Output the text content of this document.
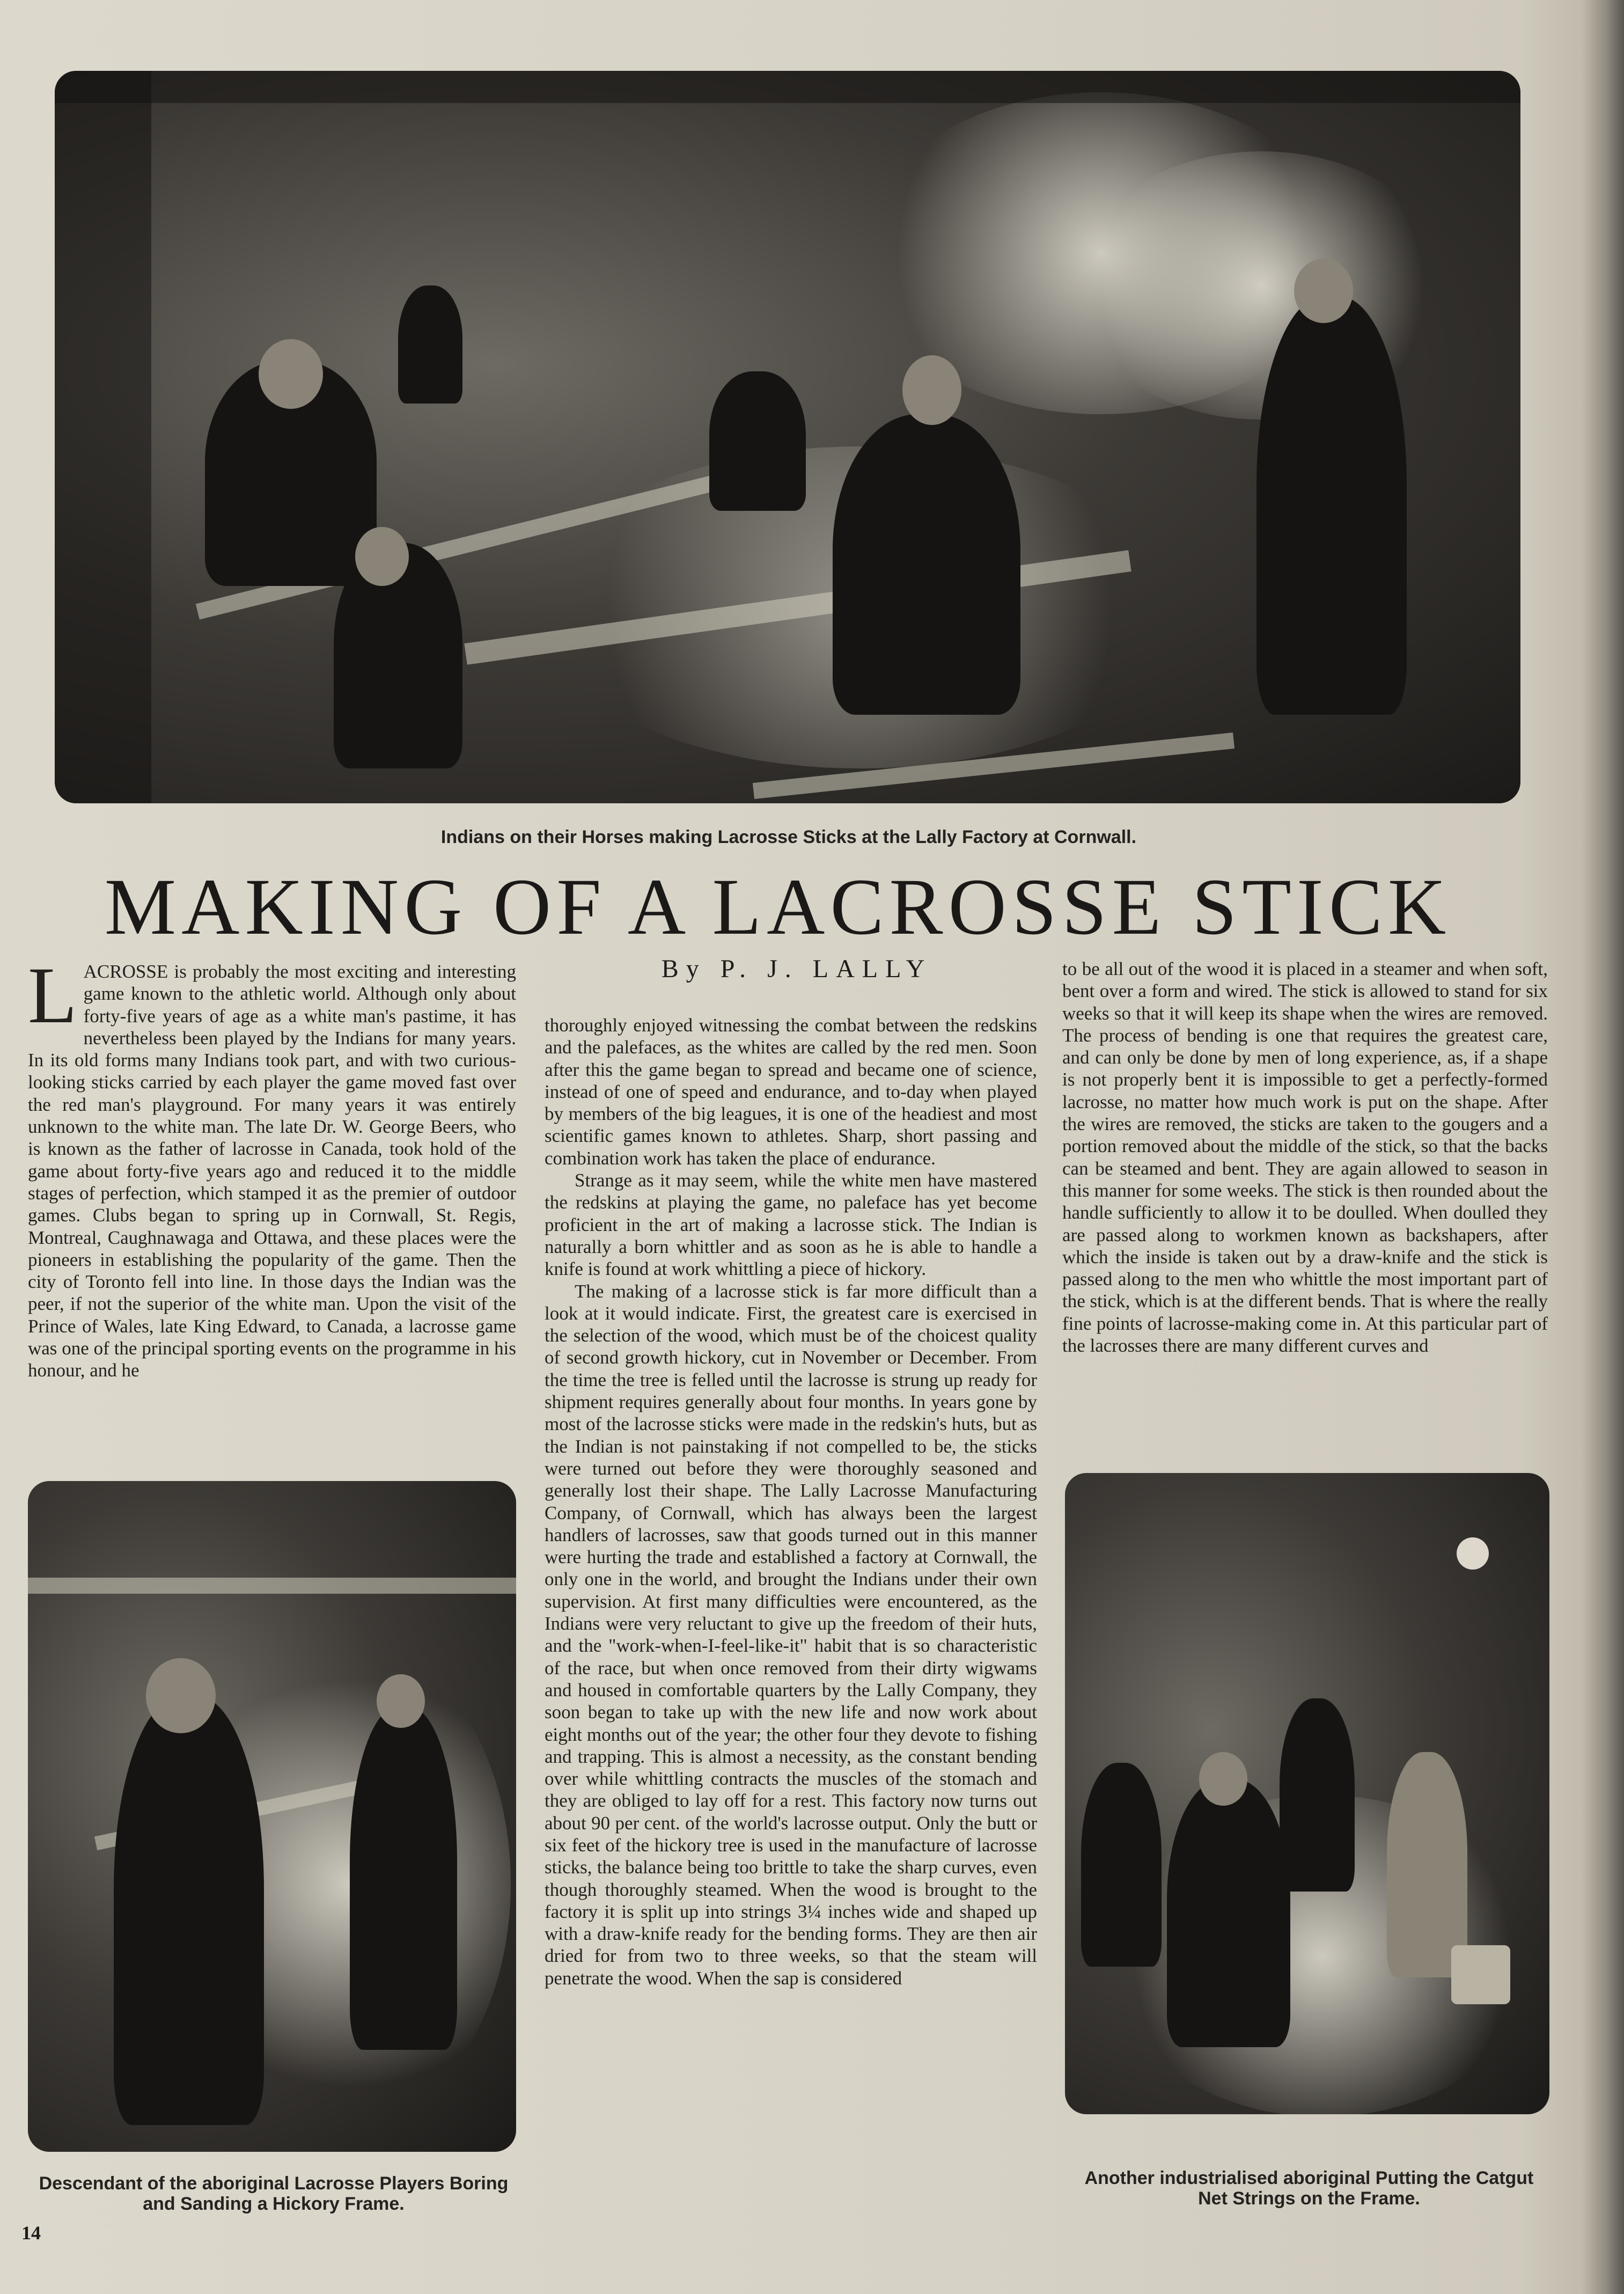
Indians on their Horses making Lacrosse Sticks at the Lally Factory at Cornwall.
MAKING OF A LACROSSE STICK
By P. J. LALLY

LACROSSE is probably the most exciting and interesting game known to the athletic world. Although only about forty-five years of age as a white man's pastime, it has nevertheless been played by the Indians for many years. In its old forms many Indians took part, and with two curious-looking sticks carried by each player the game moved fast over the red man's playground. For many years it was entirely unknown to the white man. The late Dr. W. George Beers, who is known as the father of lacrosse in Canada, took hold of the game about forty-five years ago and reduced it to the middle stages of perfection, which stamped it as the premier of outdoor games. Clubs began to spring up in Cornwall, St. Regis, Montreal, Caughnawaga and Ottawa, and these places were the pioneers in establishing the popularity of the game. Then the city of Toronto fell into line. In those days the Indian was the peer, if not the superior of the white man. Upon the visit of the Prince of Wales, late King Edward, to Canada, a lacrosse game was one of the principal sporting events on the programme in his honour, and he

thoroughly enjoyed witnessing the combat between the redskins and the palefaces, as the whites are called by the red men. Soon after this the game began to spread and became one of science, instead of one of speed and endurance, and to-day when played by members of the big leagues, it is one of the headiest and most scientific games known to athletes. Sharp, short passing and combination work has taken the place of endurance.

Strange as it may seem, while the white men have mastered the redskins at playing the game, no paleface has yet become proficient in the art of making a lacrosse stick. The Indian is naturally a born whittler and as soon as he is able to handle a knife is found at work whittling a piece of hickory.

The making of a lacrosse stick is far more difficult than a look at it would indicate. First, the greatest care is exercised in the selection of the wood, which must be of the choicest quality of second growth hickory, cut in November or December. From the time the tree is felled until the lacrosse is strung up ready for shipment requires generally about four months. In years gone by most of the lacrosse sticks were made in the redskin's huts, but as the Indian is not painstaking if not compelled to be, the sticks were turned out before they were thoroughly seasoned and generally lost their shape. The Lally Lacrosse Manufacturing Company, of Cornwall, which has always been the largest handlers of lacrosses, saw that goods turned out in this manner were hurting the trade and established a factory at Cornwall, the only one in the world, and brought the Indians under their own supervision. At first many difficulties were encountered, as the Indians were very reluctant to give up the freedom of their huts, and the "work-when-I-feel-like-it" habit that is so characteristic of the race, but when once removed from their dirty wigwams and housed in comfortable quarters by the Lally Company, they soon began to take up with the new life and now work about eight months out of the year; the other four they devote to fishing and trapping. This is almost a necessity, as the constant bending over while whittling contracts the muscles of the stomach and they are obliged to lay off for a rest. This factory now turns out about 90 per cent. of the world's lacrosse output. Only the butt or six feet of the hickory tree is used in the manufacture of lacrosse sticks, the balance being too brittle to take the sharp curves, even though thoroughly steamed. When the wood is brought to the factory it is split up into strings 3¼ inches wide and shaped up with a draw-knife ready for the bending forms. They are then air dried for from two to three weeks, so that the steam will penetrate the wood. When the sap is considered

to be all out of the wood it is placed in a steamer and when soft, bent over a form and wired. The stick is allowed to stand for six weeks so that it will keep its shape when the wires are removed. The process of bending is one that requires the greatest care, and can only be done by men of long experience, as, if a shape is not properly bent it is impossible to get a perfectly-formed lacrosse, no matter how much work is put on the shape. After the wires are removed, the sticks are taken to the gougers and a portion removed about the middle of the stick, so that the backs can be steamed and bent. They are again allowed to season in this manner for some weeks. The stick is then rounded about the handle sufficiently to allow it to be doulled. When doulled they are passed along to workmen known as backshapers, after which the inside is taken out by a draw-knife and the stick is passed along to the men who whittle the most important part of the stick, which is at the different bends. That is where the really fine points of lacrosse-making come in. At this particular part of the lacrosses there are many different curves and

Descendant of the aboriginal Lacrosse Players Boring and Sanding a Hickory Frame.
Another industrialised aboriginal Putting the Catgut Net Strings on the Frame.
14
